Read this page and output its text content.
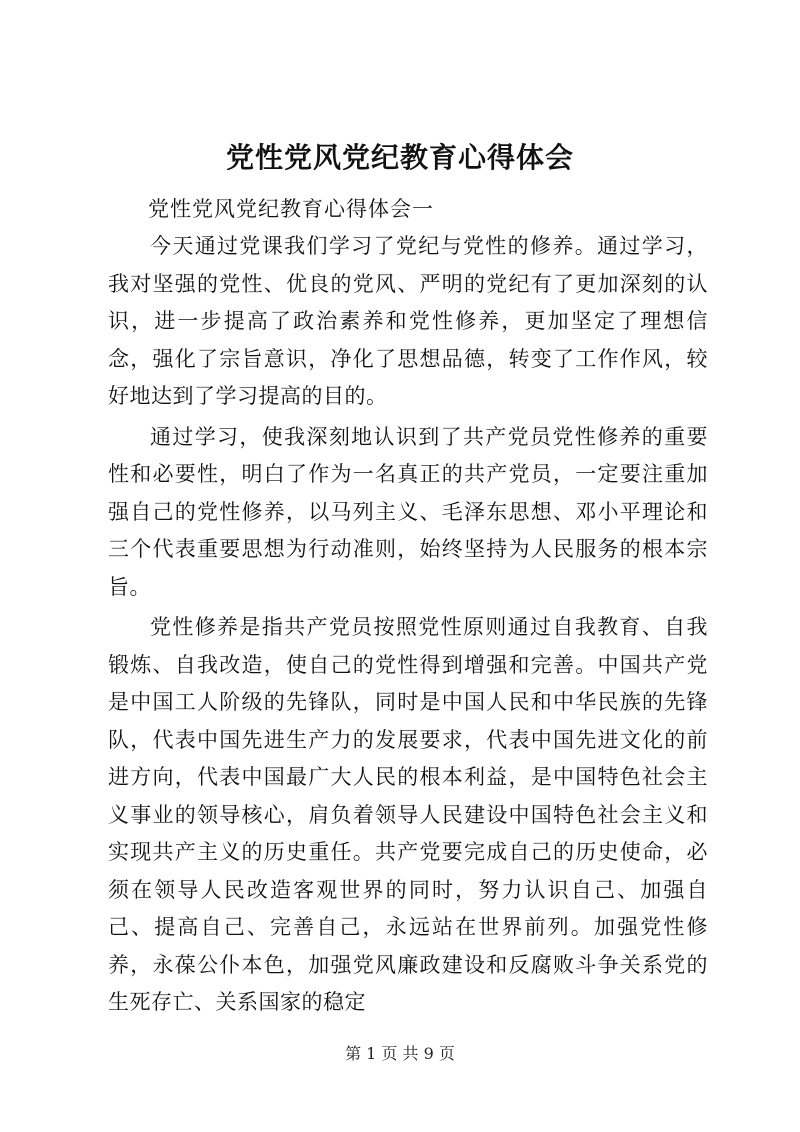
党性党风党纪教育心得体会
党性党风党纪教育心得体会一

今天通过党课我们学习了党纪与党性的修养。通过学习，我对坚强的党性、优良的党风、严明的党纪有了更加深刻的认识，进一步提高了政治素养和党性修养，更加坚定了理想信念，强化了宗旨意识，净化了思想品德，转变了工作作风，较好地达到了学习提高的目的。

通过学习，使我深刻地认识到了共产党员党性修养的重要性和必要性，明白了作为一名真正的共产党员，一定要注重加强自己的党性修养，以马列主义、毛泽东思想、邓小平理论和三个代表重要思想为行动准则，始终坚持为人民服务的根本宗旨。

党性修养是指共产党员按照党性原则通过自我教育、自我锻炼、自我改造，使自己的党性得到增强和完善。中国共产党是中国工人阶级的先锋队，同时是中国人民和中华民族的先锋队，代表中国先进生产力的发展要求，代表中国先进文化的前进方向，代表中国最广大人民的根本利益，是中国特色社会主义事业的领导核心，肩负着领导人民建设中国特色社会主义和实现共产主义的历史重任。共产党要完成自己的历史使命，必须在领导人民改造客观世界的同时，努力认识自己、加强自己、提高自己、完善自己，永远站在世界前列。加强党性修养，永葆公仆本色，加强党风廉政建设和反腐败斗争关系党的生死存亡、关系国家的稳定

第 1 页 共 9 页
